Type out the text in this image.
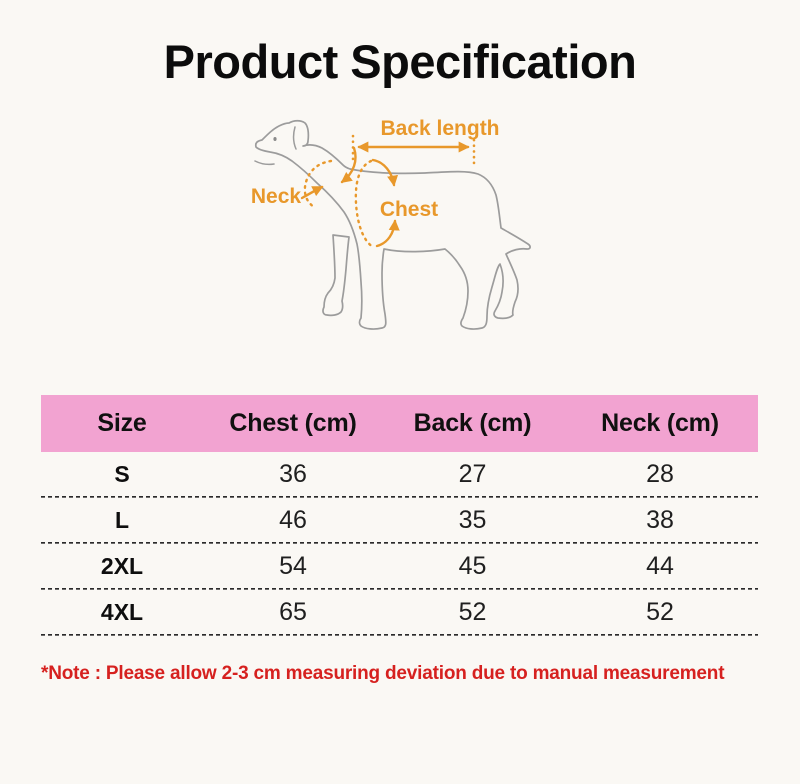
Product Specification
Back length
Neck
Chest
Size	Chest (cm)	Back (cm)	Neck (cm)
S	36	27	28
L	46	35	38
2XL	54	45	44
4XL	65	52	52
*Note : Please allow 2-3 cm measuring deviation due to manual measurement
